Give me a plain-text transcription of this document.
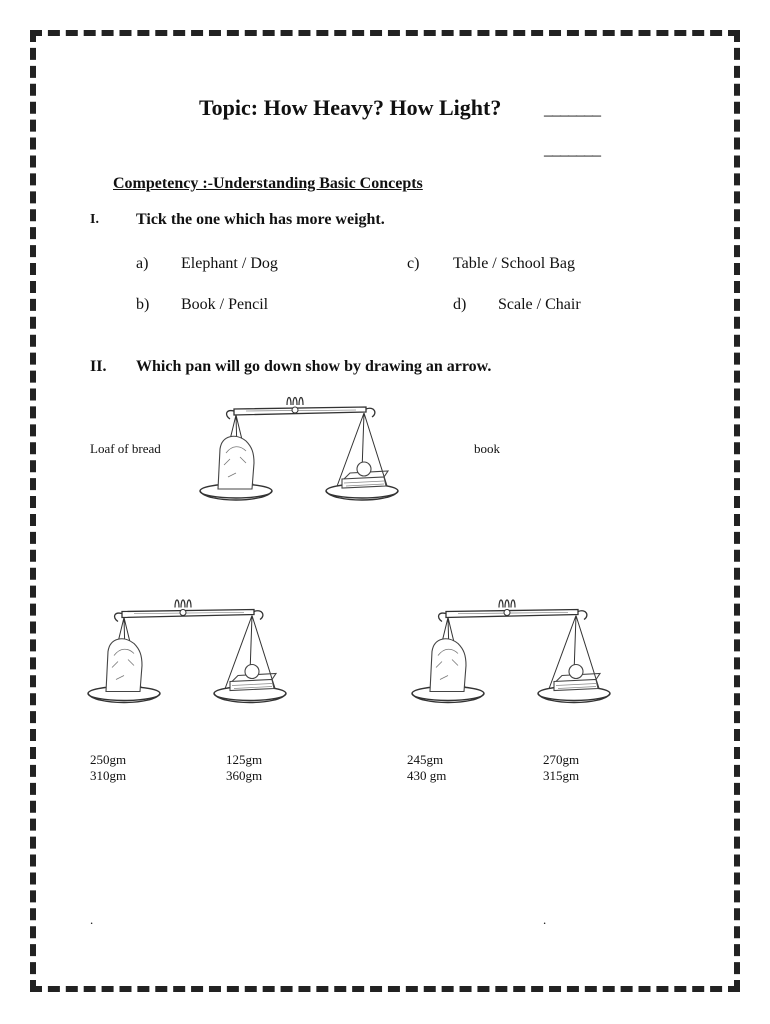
Topic: How Heavy? How Light? _______
_______
Competency :-Understanding Basic Concepts
I. Tick the one which has more weight.
a) Elephant / Dog
b) Book / Pencil
c) Table / School Bag
d) Scale / Chair
II. Which pan will go down show by drawing an arrow.
Loaf of bread	book
250gm
310gm
125gm
360gm
245gm
430 gm
270gm
315gm
.	.
